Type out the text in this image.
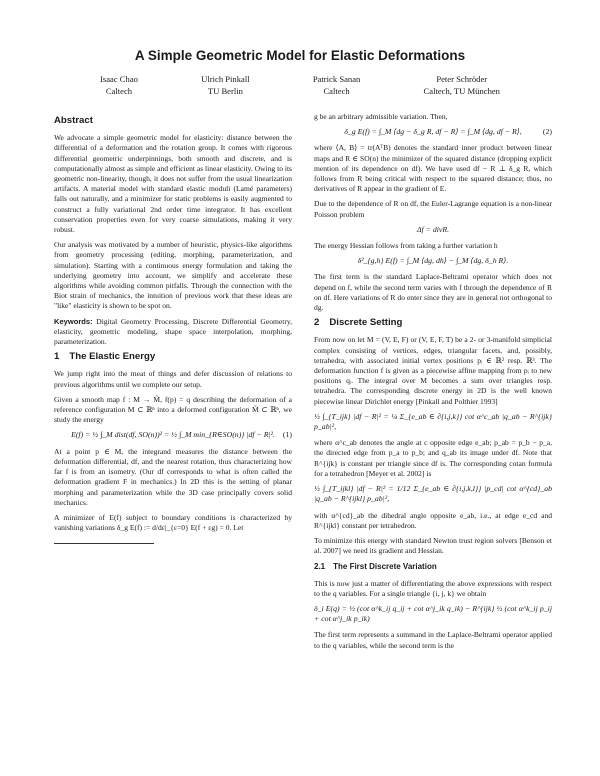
A Simple Geometric Model for Elastic Deformations
Isaac Chao
Caltech
Ulrich Pinkall
TU Berlin
Patrick Sanan
Caltech
Peter Schröder
Caltech, TU München
Abstract

We advocate a simple geometric model for elasticity: distance between the differential of a deformation and the rotation group. It comes with rigorous differential geometric underpinnings, both smooth and discrete, and is computationally almost as simple and efficient as linear elasticity. Owing to its geometric non-linearity, though, it does not suffer from the usual linearization artifacts. A material model with standard elastic moduli (Lamé parameters) falls out naturally, and a minimizer for static problems is easily augmented to construct a fully variational 2nd order time integrator. It has excellent conservation properties even for very coarse simulations, making it very robust.

Our analysis was motivated by a number of heuristic, physics-like algorithms from geometry processing (editing, morphing, parameterization, and simulation). Starting with a continuous energy formulation and taking the underlying geometry into account, we simplify and accelerate these algorithms while avoiding common pitfalls. Through the connection with the Biot strain of mechanics, the intuition of previous work that these ideas are "like" elasticity is shown to be spot on.

Keywords: Digital Geometry Processing, Discrete Differential Geometry, elasticity, geometric modeling, shape space interpolation, morphing, parameterization.

1 The Elastic Energy

We jump right into the meat of things and defer discussion of relations to previous algorithms until we complete our setup.

Given a smooth map f : M → M̃, f(p) = q describing the deformation of a reference configuration M ⊂ ℝⁿ into a deformed configuration M̃ ⊂ ℝⁿ, we study the energy

E(f) = ½ ∫_M dist(df, SO(n))² = ½ ∫_M min_{R∈SO(n)} |df − R|². (1)

At a point p ∈ M, the integrand measures the distance between the deformation differential, df, and the nearest rotation, thus characterizing how far f is from an isometry. (Our df corresponds to what is often called the deformation gradient F in mechanics.) In 2D this is the setting of planar morphing and parameterization while the 3D case principally covers solid mechanics.

A minimizer of E(f) subject to boundary conditions is characterized by vanishing variations δ_g E(f) := d/dε|_{ε=0} E(f + εg) = 0. Let

g be an arbitrary admissible variation. Then,

δ_g E(f) = ∫_M ⟨dg − δ_g R, df − R⟩ = ∫_M ⟨dg, df − R⟩,	(2)

where ⟨A, B⟩ = tr(AᵀB) denotes the standard inner product between linear maps and R ∈ SO(n) the minimizer of the squared distance (dropping explicit mention of its dependence on df). We have used df − R ⊥ δ_g R, which follows from R being critical with respect to the squared distance; thus, no derivatives of R appear in the gradient of E.

Due to the dependence of R on df, the Euler-Lagrange equation is a non-linear Poisson problem

Δf = divR.

The energy Hessian follows from taking a further variation h

δ²_{g,h} E(f) = ∫_M ⟨dg, dh⟩ − ∫_M ⟨dg, δ_h R⟩.

The first term is the standard Laplace-Beltrami operator which does not depend on f, while the second term varies with f through the dependence of R on df. Here variations of R do enter since they are in general not orthogonal to dg.

2 Discrete Setting

From now on let M = (V, E, F) or (V, E, F, T) be a 2- or 3-manifold simplicial complex consisting of vertices, edges, triangular facets, and, possibly, tetrahedra, with associated initial vertex positions pᵢ ∈ ℝ² resp. ℝ³. The deformation function f is given as a piecewise affine mapping from pᵢ to new positions qᵢ. The integral over M becomes a sum over triangles resp. tetrahedra. The corresponding discrete energy in 2D is the well known piecewise linear Dirichlet energy [Pinkall and Polthier 1993]

½ ∫_{T_ijk} |df − R|² = ¼ Σ_{e_ab ∈ ∂{i,j,k}} cot α^c_ab |q_ab − R^{ijk} p_ab|²,

where α^c_ab denotes the angle at c opposite edge e_ab; p_ab = p_b − p_a, the directed edge from p_a to p_b; and q_ab its image under df. Note that R^{ijk} is constant per triangle since df is. The corresponding cotan formula for a tetrahedron [Meyer et al. 2002] is

½ ∫_{T_ijkl} |df − R|² = 1/12 Σ_{e_ab ∈ ∂{i,j,k,l}} |p_cd| cot α^{cd}_ab |q_ab − R^{ijkl} p_ab|²,

with α^{cd}_ab the dihedral angle opposite e_ab, i.e., at edge e_cd and R^{ijkl} constant per tetrahedron.

To minimize this energy with standard Newton trust region solvers [Benson et al. 2007] we need its gradient and Hessian.

2.1 The First Discrete Variation

This is now just a matter of differentiating the above expressions with respect to the q variables. For a single triangle {i, j, k} we obtain

δ_i E(q) = ½ (cot α^k_ij q_ij + cot α^j_ik q_ik) − R^{ijk} ½ (cot α^k_ij p_ij + cot α^j_ik p_ik)

The first term represents a summand in the Laplace-Beltrami operator applied to the q variables, while the second term is the
